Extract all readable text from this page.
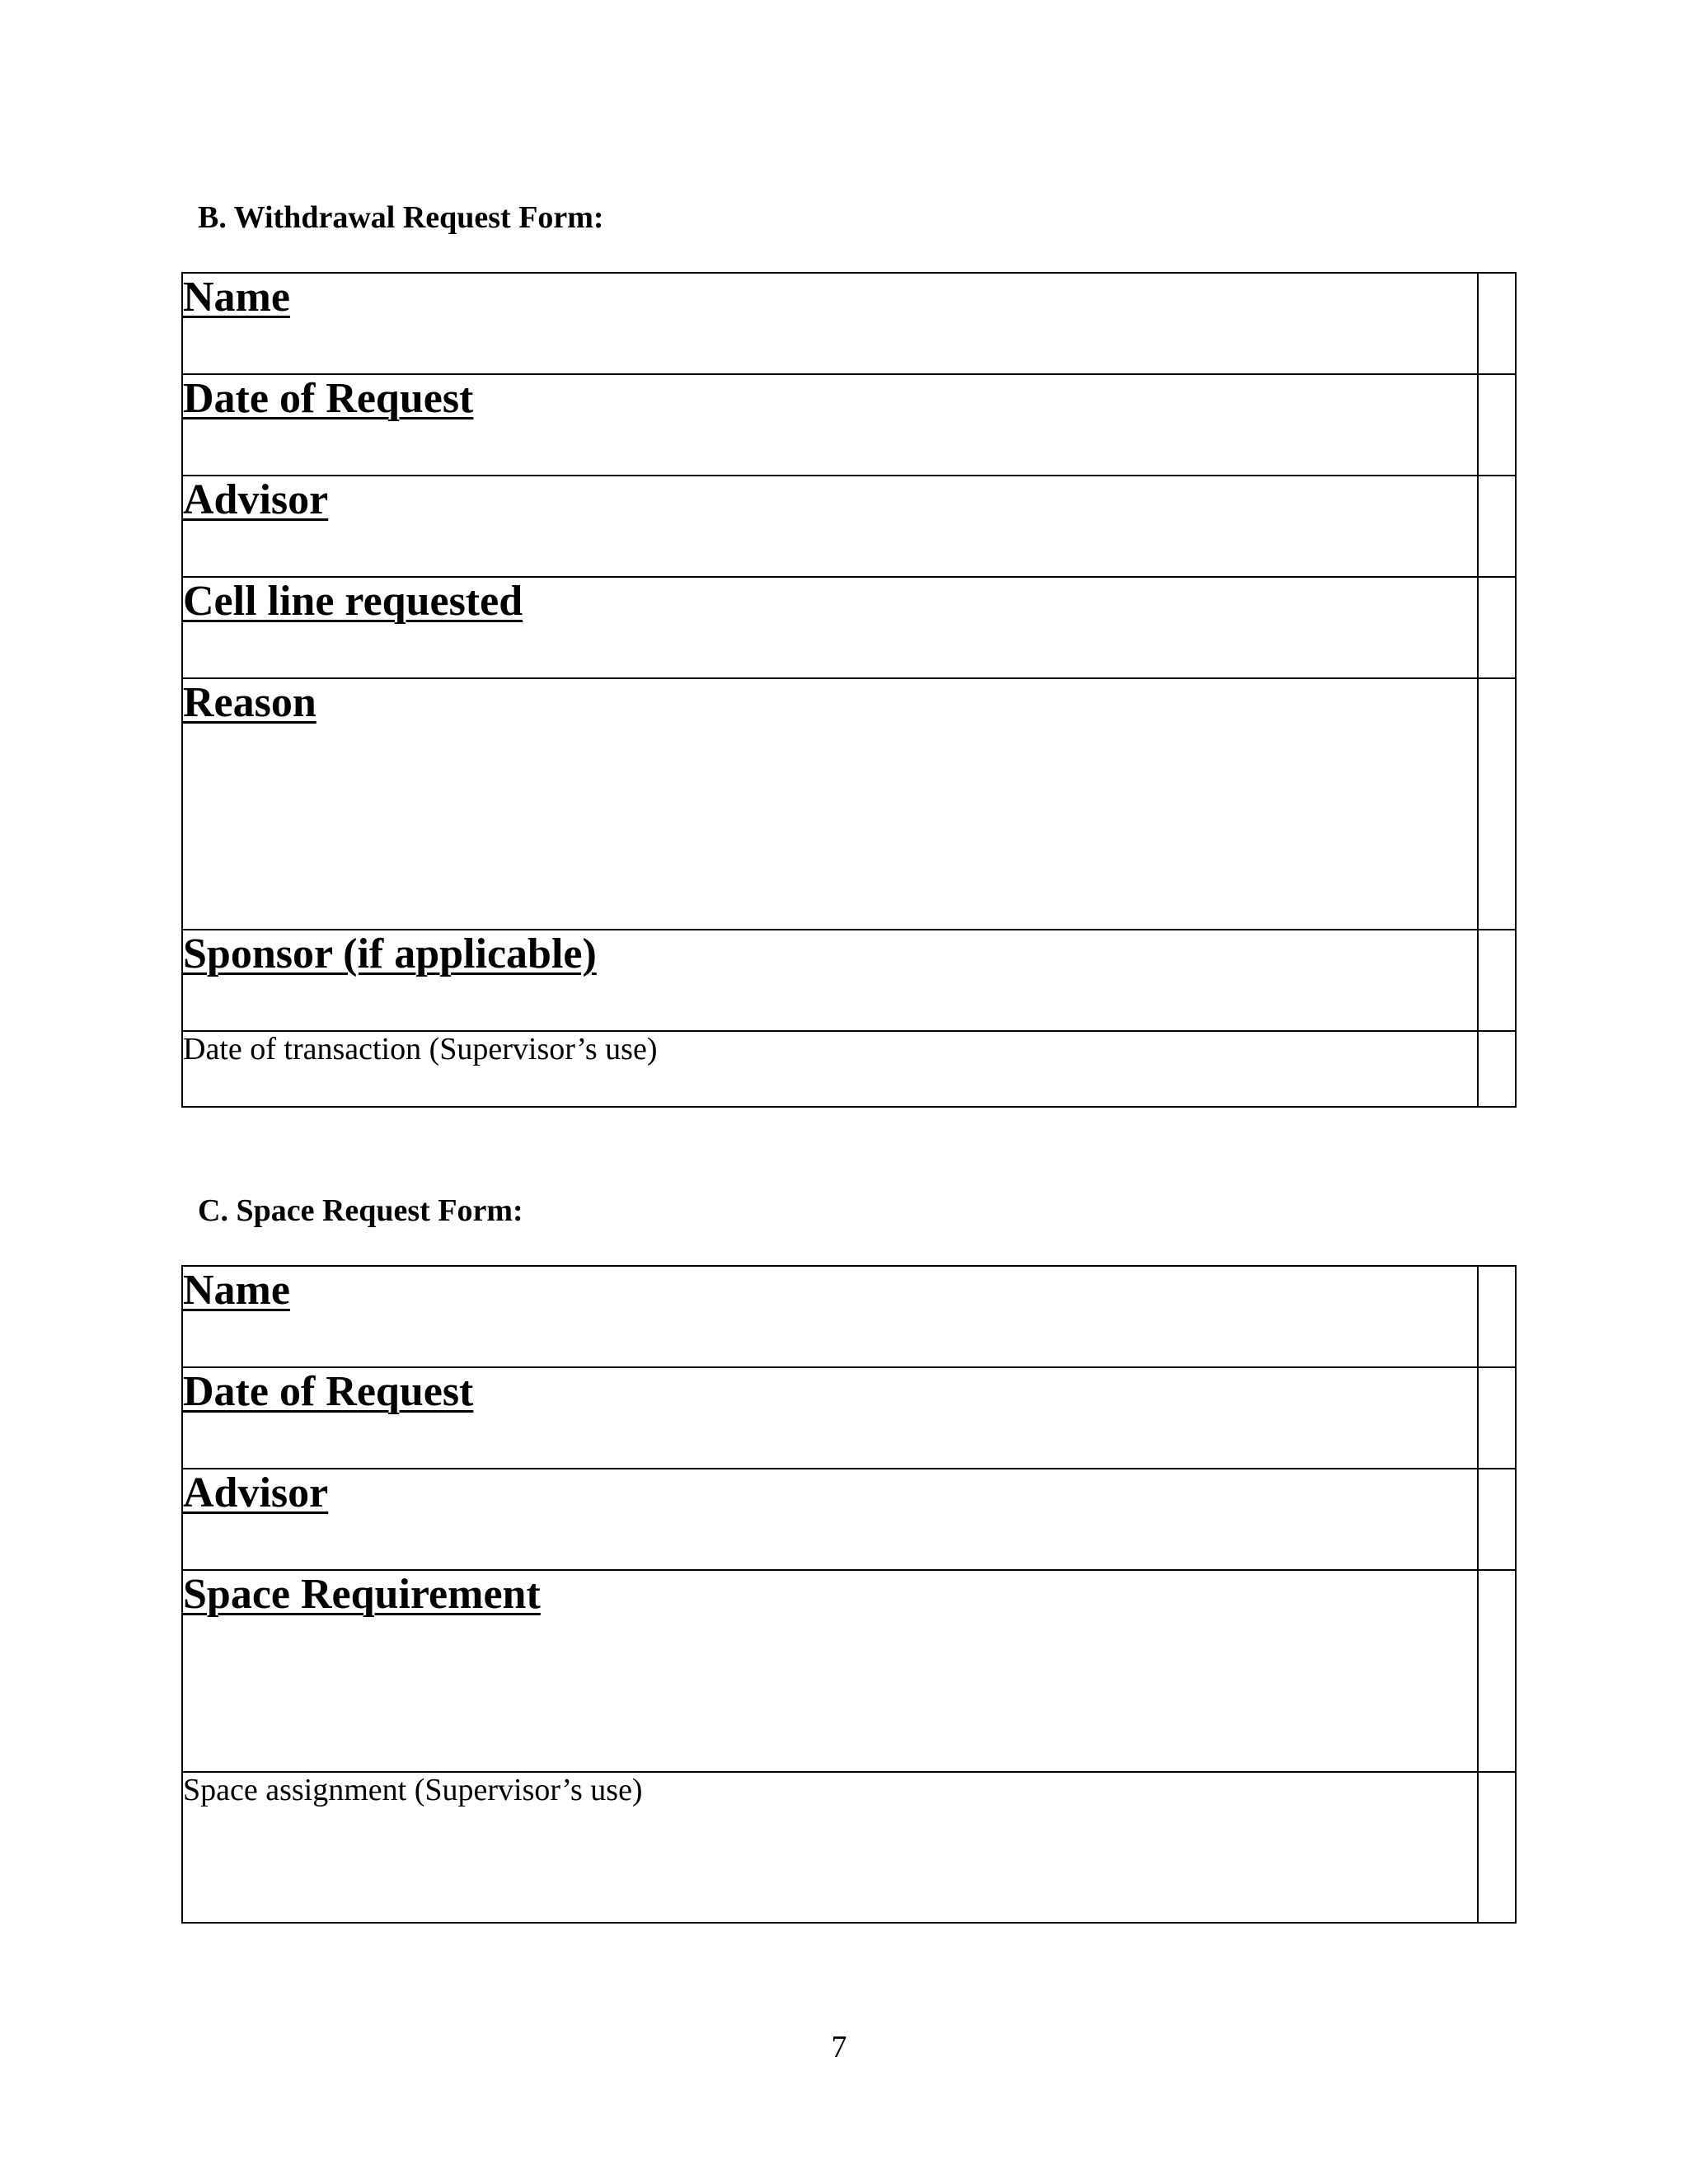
B. Withdrawal Request Form:
Name	
Date of Request	
Advisor	
Cell line requested	
Reason	
Sponsor (if applicable)	
Date of transaction (Supervisor’s use)	
C. Space Request Form:
Name	
Date of Request	
Advisor	
Space Requirement	
Space assignment (Supervisor’s use)	
7
